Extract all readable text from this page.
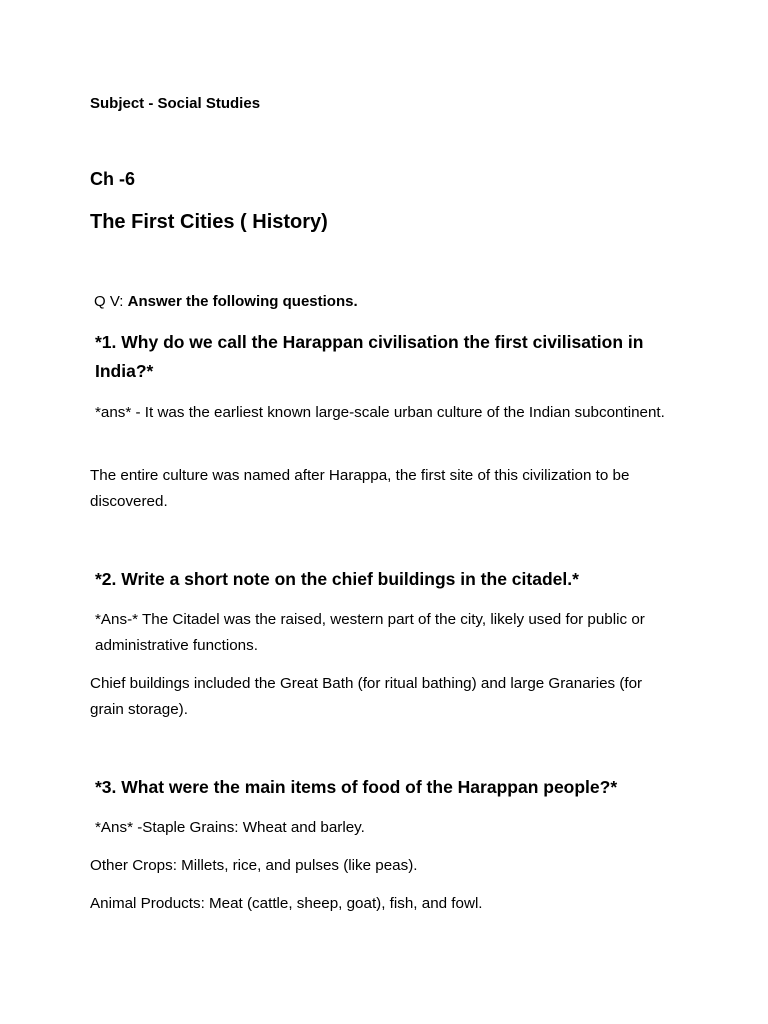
Subject - Social Studies
Ch -6
The First Cities ( History)
Q V: Answer the following questions.
*1. Why do we call the Harappan civilisation the first civilisation in India?*
*ans* - It was the earliest known large-scale urban culture of the Indian subcontinent.
The entire culture was named after Harappa, the first site of this civilization to be discovered.
*2. Write a short note on the chief buildings in the citadel.*
*Ans-* The Citadel was the raised, western part of the city, likely used for public or administrative functions.
Chief buildings included the Great Bath (for ritual bathing) and large Granaries (for grain storage).
*3. What were the main items of food of the Harappan people?*
*Ans* -Staple Grains: Wheat and barley.
Other Crops: Millets, rice, and pulses (like peas).
Animal Products: Meat (cattle, sheep, goat), fish, and fowl.
